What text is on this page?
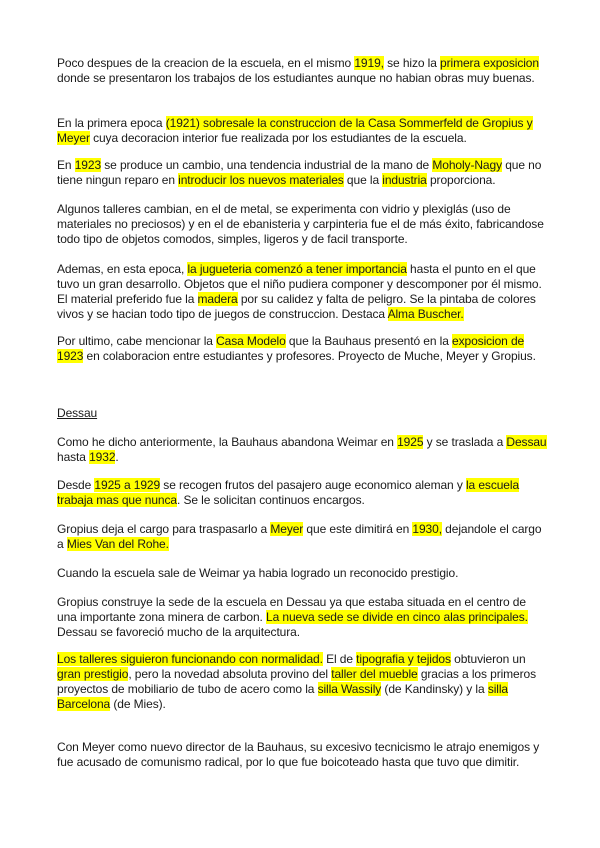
Poco despues de la creacion de la escuela, en el mismo 1919, se hizo la primera exposicion donde se presentaron los trabajos de los estudiantes aunque no habian obras muy buenas.

En la primera epoca (1921) sobresale la construccion de la Casa Sommerfeld de Gropius y Meyer cuya decoracion interior fue realizada por los estudiantes de la escuela.

En 1923 se produce un cambio, una tendencia industrial de la mano de Moholy-Nagy que no tiene ningun reparo en introducir los nuevos materiales que la industria proporciona.

Algunos talleres cambian, en el de metal, se experimenta con vidrio y plexiglás (uso de materiales no preciosos) y en el de ebanisteria y carpinteria fue el de más éxito, fabricandose todo tipo de objetos comodos, simples, ligeros y de facil transporte.

Ademas, en esta epoca, la jugueteria comenzó a tener importancia hasta el punto en el que tuvo un gran desarrollo. Objetos que el niño pudiera componer y descomponer por él mismo. El material preferido fue la madera por su calidez y falta de peligro. Se la pintaba de colores vivos y se hacian todo tipo de juegos de construccion. Destaca Alma Buscher.

Por ultimo, cabe mencionar la Casa Modelo que la Bauhaus presentó en la exposicion de 1923 en colaboracion entre estudiantes y profesores. Proyecto de Muche, Meyer y Gropius.

Dessau

Como he dicho anteriormente, la Bauhaus abandona Weimar en 1925 y se traslada a Dessau hasta 1932.

Desde 1925 a 1929 se recogen frutos del pasajero auge economico aleman y la escuela trabaja mas que nunca. Se le solicitan continuos encargos.

Gropius deja el cargo para traspasarlo a Meyer que este dimitirá en 1930, dejandole el cargo a Mies Van del Rohe.

Cuando la escuela sale de Weimar ya habia logrado un reconocido prestigio.

Gropius construye la sede de la escuela en Dessau ya que estaba situada en el centro de una importante zona minera de carbon. La nueva sede se divide en cinco alas principales. Dessau se favoreció mucho de la arquitectura.

Los talleres siguieron funcionando con normalidad. El de tipografia y tejidos obtuvieron un gran prestigio, pero la novedad absoluta provino del taller del mueble gracias a los primeros proyectos de mobiliario de tubo de acero como la silla Wassily (de Kandinsky) y la silla Barcelona (de Mies).

Con Meyer como nuevo director de la Bauhaus, su excesivo tecnicismo le atrajo enemigos y fue acusado de comunismo radical, por lo que fue boicoteado hasta que tuvo que dimitir.
